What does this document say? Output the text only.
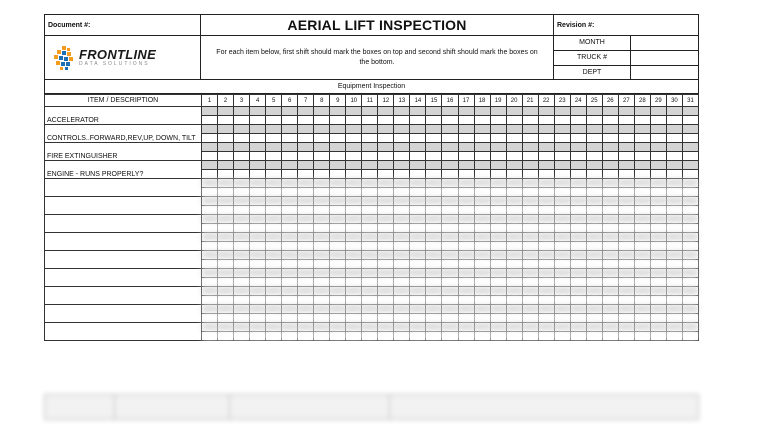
Document #:	AERIAL LIFT INSPECTION	Revision #:
FRONTLINE
DATA SOLUTIONS
For each item below, first shift should mark the boxes on top and second shift should mark the boxes on the bottom.
MONTH
TRUCK #
DEPT
Equipment Inspection
ITEM / DESCRIPTION	1	2	3	4	5	6	7	8	9	10	11	12	13	14	15	16	17	18	19	20	21	22	23	24	25	26	27	28	29	30	31
ACCELERATOR																															

CONTROLS..FORWARD,REV,UP, DOWN, TILT																															

FIRE EXTINGUISHER																															

ENGINE - RUNS PROPERLY?																															
